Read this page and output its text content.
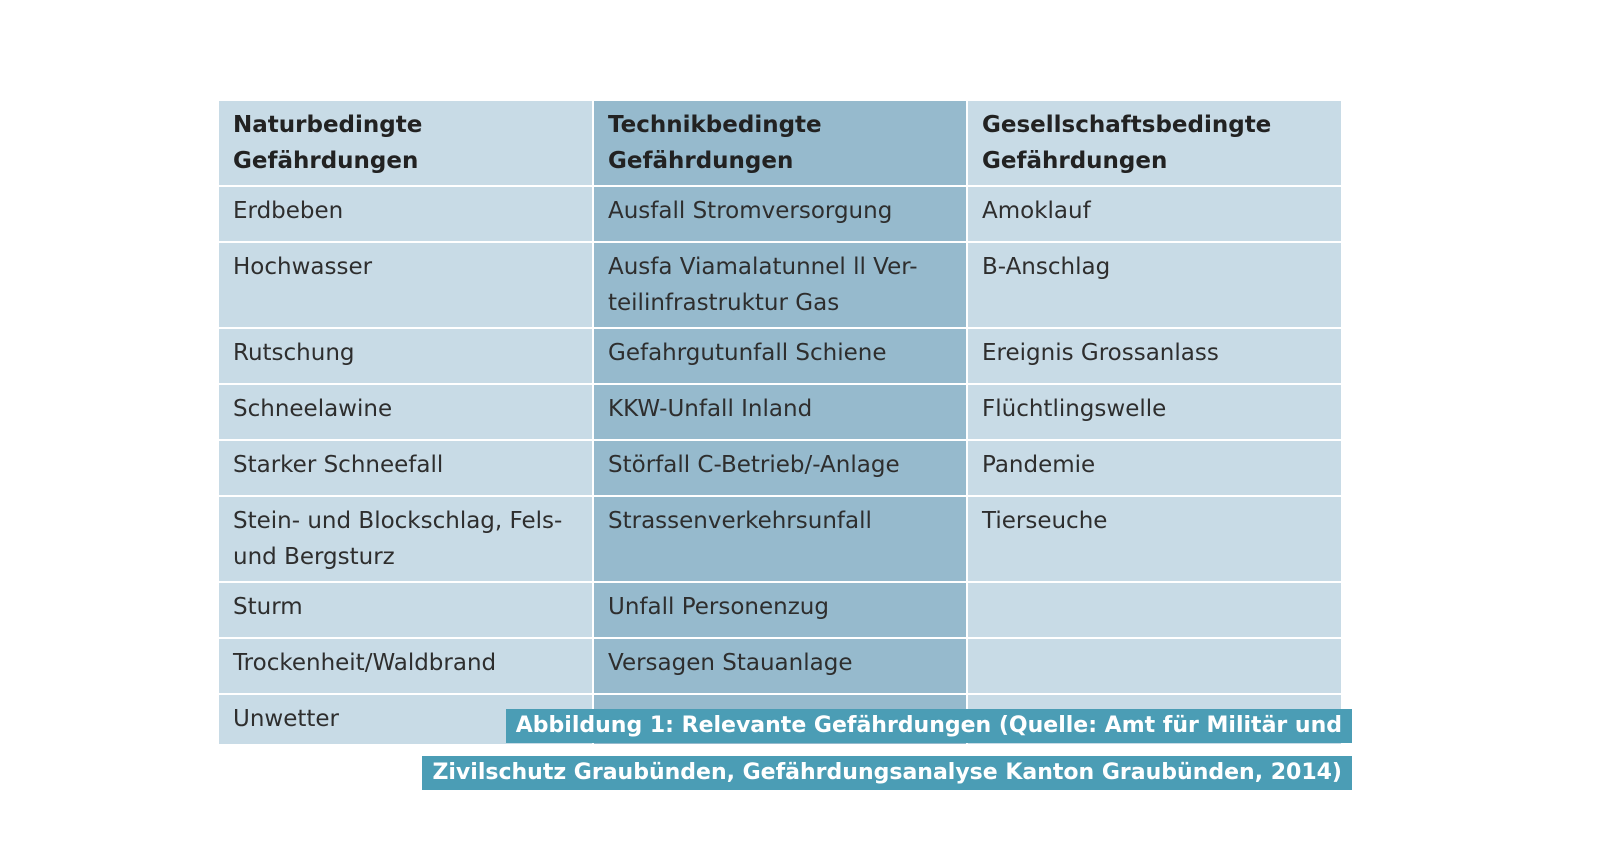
Naturbedingte Gefährdungen	Technikbedingte Gefährdungen	Gesellschaftsbedingte Gefährdungen
Erdbeben	Ausfall Stromversorgung	Amoklauf
Hochwasser	Ausfa Viamalatunnel ll Ver-teilinfrastruktur Gas	B-Anschlag
Rutschung	Gefahrgutunfall Schiene	Ereignis Grossanlass
Schneelawine	KKW-Unfall Inland	Flüchtlingswelle
Starker Schneefall	Störfall C-Betrieb/-Anlage	Pandemie
Stein- und Blockschlag, Fels- und Bergsturz	Strassenverkehrsunfall	Tierseuche
Sturm	Unfall Personenzug	
Trockenheit/Waldbrand	Versagen Stauanlage	
Unwetter			Abbildung 1: Relevante Gefährdungen (Quelle: Amt für Militär und
Zivilschutz Graubünden, Gefährdungsanalyse Kanton Graubünden, 2014)
